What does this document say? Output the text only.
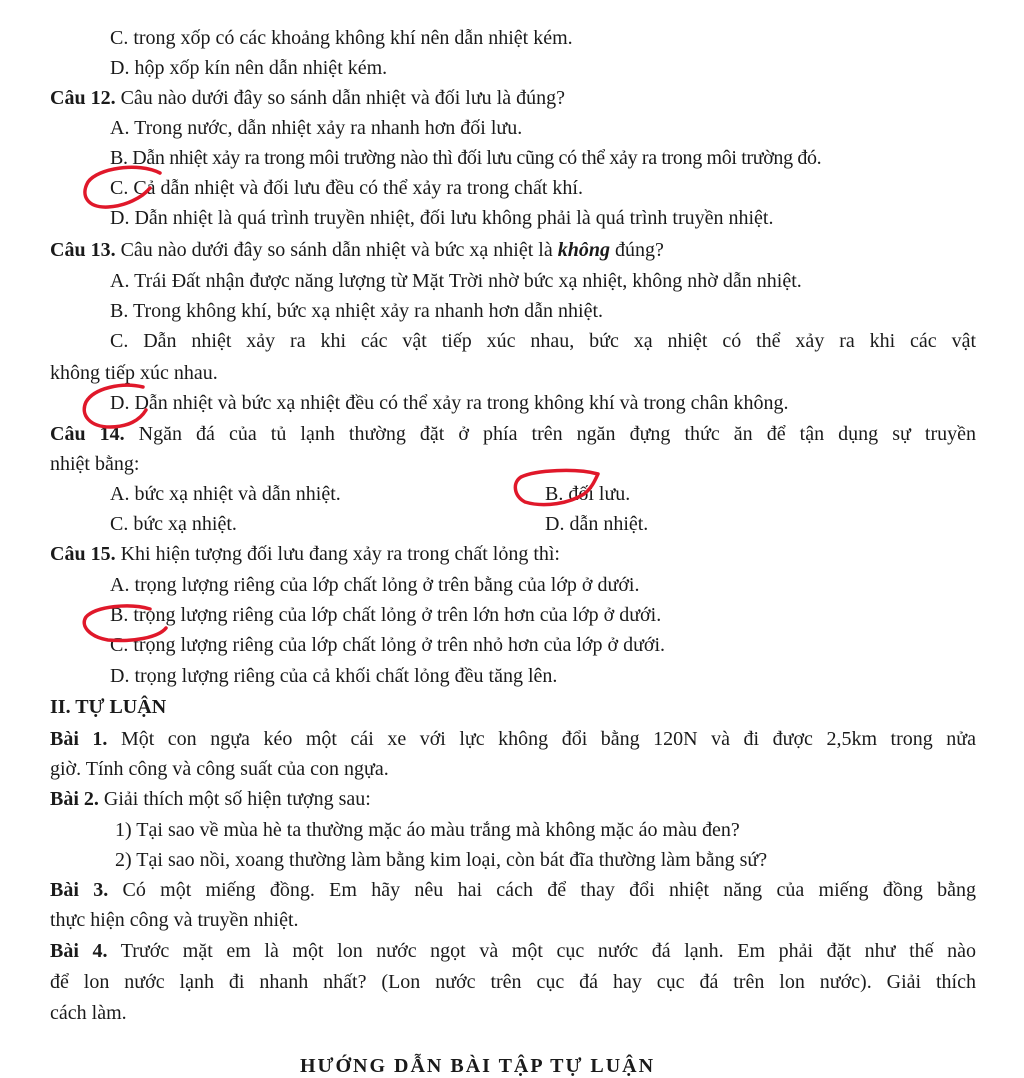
C. trong xốp có các khoảng không khí nên dẫn nhiệt kém.
D. hộp xốp kín nên dẫn nhiệt kém.
Câu 12. Câu nào dưới đây so sánh dẫn nhiệt và đối lưu là đúng?
A. Trong nước, dẫn nhiệt xảy ra nhanh hơn đối lưu.
B. Dẫn nhiệt xảy ra trong môi trường nào thì đối lưu cũng có thể xảy ra trong môi trường đó.
C. Cả dẫn nhiệt và đối lưu đều có thể xảy ra trong chất khí.
D. Dẫn nhiệt là quá trình truyền nhiệt, đối lưu không phải là quá trình truyền nhiệt.
Câu 13. Câu nào dưới đây so sánh dẫn nhiệt và bức xạ nhiệt là không đúng?
A. Trái Đất nhận được năng lượng từ Mặt Trời nhờ bức xạ nhiệt, không nhờ dẫn nhiệt.
B. Trong không khí, bức xạ nhiệt xảy ra nhanh hơn dẫn nhiệt.
C. Dẫn nhiệt xảy ra khi các vật tiếp xúc nhau, bức xạ nhiệt có thể xảy ra khi các vật
không tiếp xúc nhau.
D. Dẫn nhiệt và bức xạ nhiệt đều có thể xảy ra trong không khí và trong chân không.
Câu 14. Ngăn đá của tủ lạnh thường đặt ở phía trên ngăn đựng thức ăn để tận dụng sự truyền
nhiệt bằng:
A. bức xạ nhiệt và dẫn nhiệt.	B. đối lưu.
C. bức xạ nhiệt.	D. dẫn nhiệt.
Câu 15. Khi hiện tượng đối lưu đang xảy ra trong chất lỏng thì:
A. trọng lượng riêng của lớp chất lỏng ở trên bằng của lớp ở dưới.
B. trọng lượng riêng của lớp chất lỏng ở trên lớn hơn của lớp ở dưới.
C. trọng lượng riêng của lớp chất lỏng ở trên nhỏ hơn của lớp ở dưới.
D. trọng lượng riêng của cả khối chất lỏng đều tăng lên.
II. TỰ LUẬN
Bài 1. Một con ngựa kéo một cái xe với lực không đổi bằng 120N và đi được 2,5km trong nửa
giờ. Tính công và công suất của con ngựa.
Bài 2. Giải thích một số hiện tượng sau:
1) Tại sao về mùa hè ta thường mặc áo màu trắng mà không mặc áo màu đen?
2) Tại sao nồi, xoang thường làm bằng kim loại, còn bát đĩa thường làm bằng sứ?
Bài 3. Có một miếng đồng. Em hãy nêu hai cách để thay đổi nhiệt năng của miếng đồng bằng
thực hiện công và truyền nhiệt.
Bài 4. Trước mặt em là một lon nước ngọt và một cục nước đá lạnh. Em phải đặt như thế nào
để lon nước lạnh đi nhanh nhất? (Lon nước trên cục đá hay cục đá trên lon nước). Giải thích
cách làm.
HƯỚNG DẪN BÀI TẬP TỰ LUẬN
